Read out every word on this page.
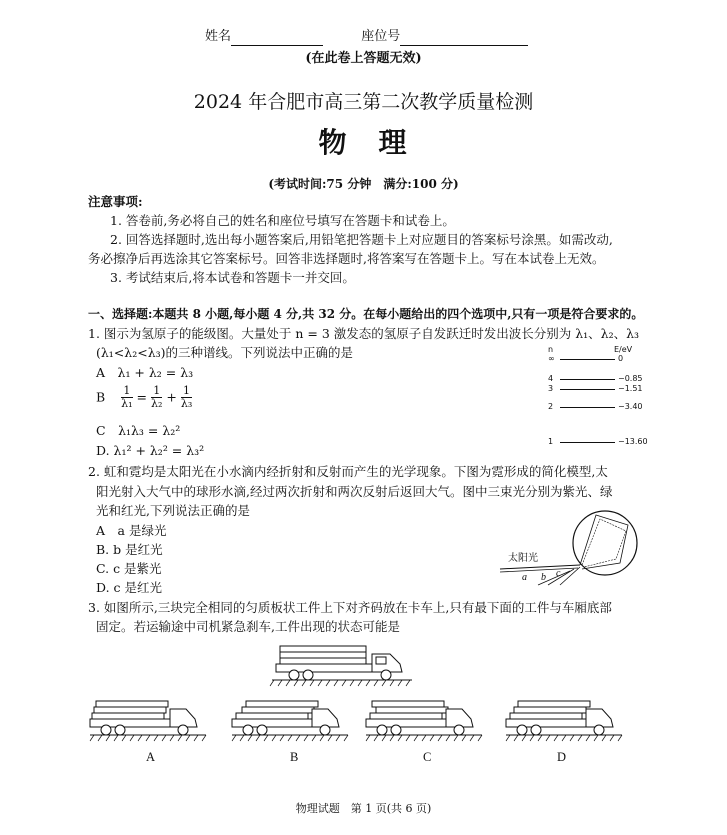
姓名	座位号
(在此卷上答题无效)
2024 年合肥市高三第二次教学质量检测
物　理
(考试时间:75 分钟　满分:100 分)
注意事项:
1. 答卷前,务必将自己的姓名和座位号填写在答题卡和试卷上。
2. 回答选择题时,选出每小题答案后,用铅笔把答题卡上对应题目的答案标号涂黑。如需改动,
务必擦净后再选涂其它答案标号。回答非选择题时,将答案写在答题卡上。写在本试卷上无效。
3. 考试结束后,将本试卷和答题卡一并交回。
一、选择题:本题共 8 小题,每小题 4 分,共 32 分。在每小题给出的四个选项中,只有一项是符合要求的。
1. 图示为氢原子的能级图。大量处于 n = 3 激发态的氢原子自发跃迁时发出波长分别为 λ₁、λ₂、λ₃
(λ₁<λ₂<λ₃)的三种谱线。下列说法中正确的是
A　λ₁ + λ₂ = λ₃
B $\frac{1}{\text{λ₁}} = \frac{1}{\text{λ₂}} + \frac{1}{\text{λ₃}}$
C　λ₁λ₃ = λ₂²
D. λ₁² + λ₂² = λ₃²
n	E/eV
∞	0
4	−0.85
3	−1.51
2	−3.40
1	−13.60
2. 虹和霓均是太阳光在小水滴内经折射和反射而产生的光学现象。下图为霓形成的简化模型,太
阳光射入大气中的球形水滴,经过两次折射和两次反射后返回大气。图中三束光分别为紫光、绿
光和红光,下列说法正确的是
A　a 是绿光
B. b 是红光
C. c 是紫光
D. c 是红光
太阳光
a b c
3. 如图所示,三块完全相同的匀质板状工件上下对齐码放在卡车上,只有最下面的工件与车厢底部
固定。若运输途中司机紧急刹车,工件出现的状态可能是
A	B	C	D
物理试题　第 1 页(共 6 页)
